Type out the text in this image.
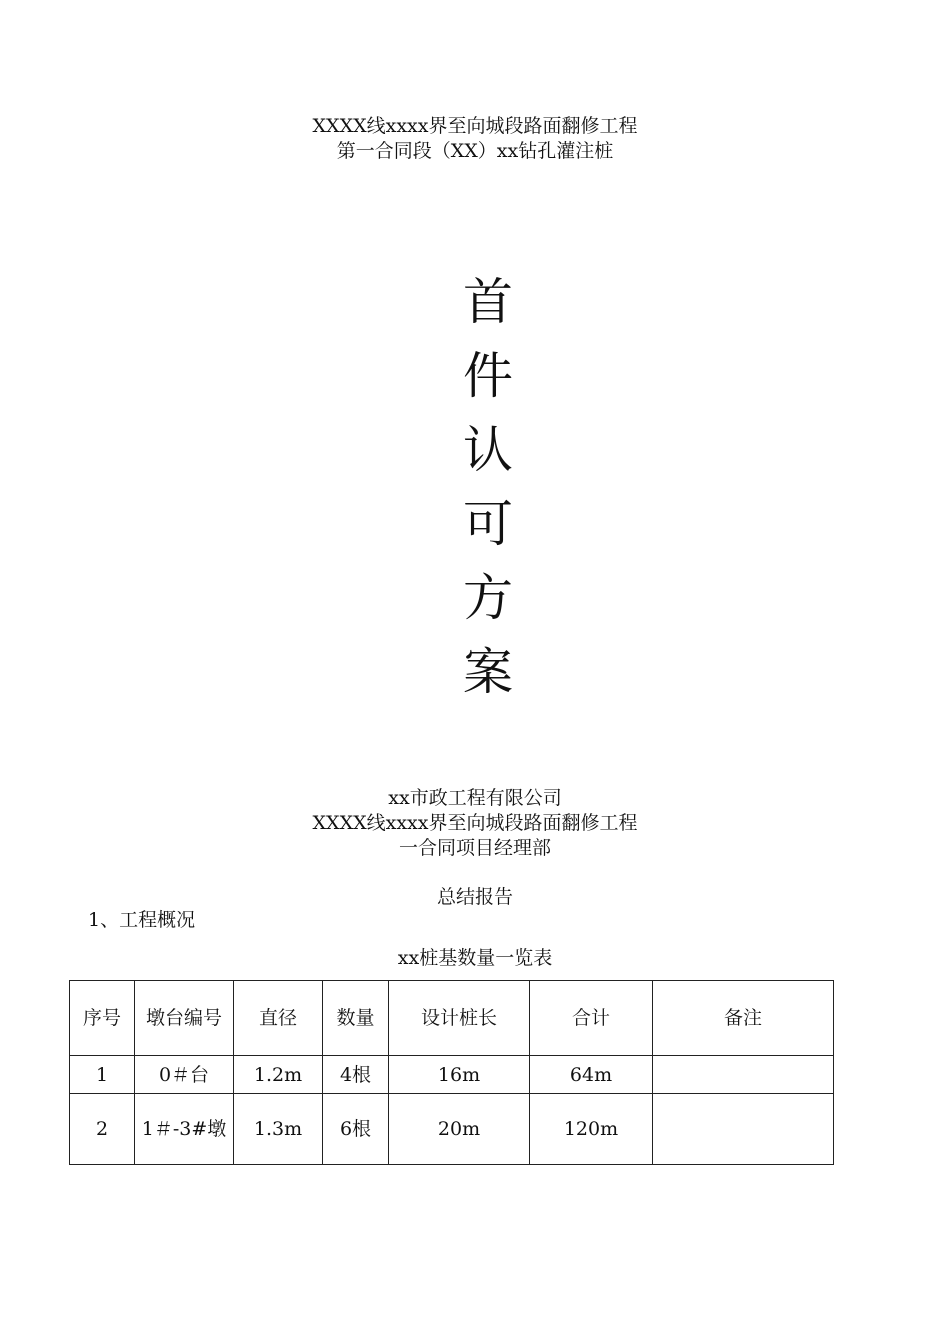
XXXX线xxxx界至向城段路面翻修工程
第一合同段（XX）xx钻孔灌注桩
首
件
认
可
方
案
xx市政工程有限公司
XXXX线xxxx界至向城段路面翻修工程
一合同项目经理部
总结报告
1、工程概况
xx桩基数量一览表
序号	墩台编号	直径	数量	设计桩长	合计	备注
1	0＃台	1.2m	4根	16m	64m	
2	1＃-3#墩	1.3m	6根	20m	120m	
